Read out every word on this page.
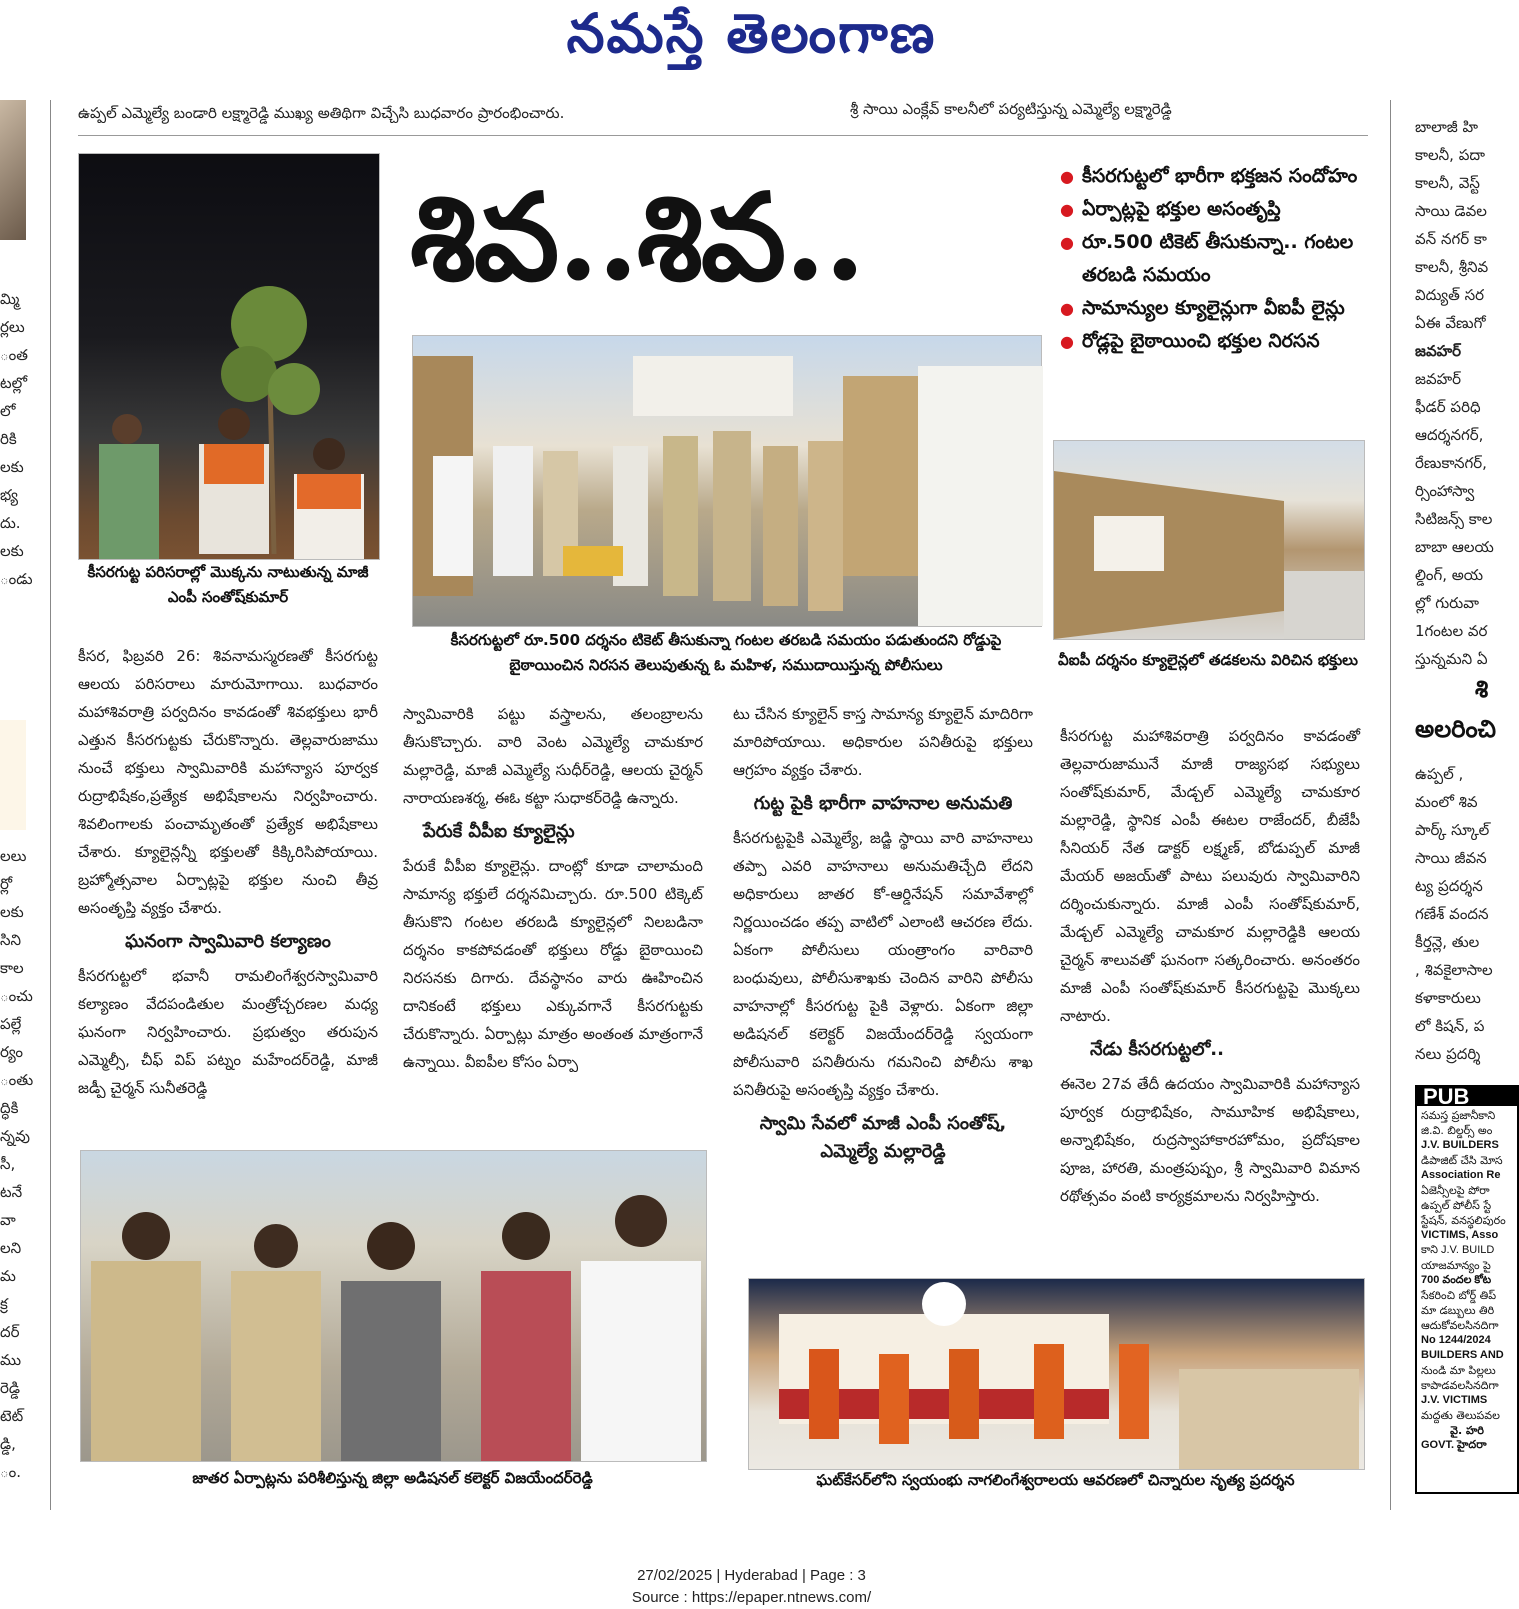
నమస్తే తెలంగాణ
మ్మి
ర్లలు
ంత
టల్లో
లో
రికి
లకు
భ్య
దు.
లకు
ండు
లలు
ర్లో
లకు
సిని
కాల
ంచు
పల్లే
ర్యం
ంతు
ద్ధికి
న్నవు
సీ,
టనే
వా
లని
మ
క్ర
దర్
ము
రెడ్డి
టెట్
డ్డి,
ం.
ఉప్పల్ ఎమ్మెల్యే బండారి లక్ష్మారెడ్డి ముఖ్య అతిథిగా విచ్చేసి బుధవారం ప్రారంభించారు.	శ్రీ సాయి ఎంక్లేవ్ కాలనీలో పర్యటిస్తున్న ఎమ్మెల్యే లక్ష్మారెడ్డి
కీసరగుట్ట పరిసరాల్లో మొక్కను నాటుతున్న మాజీ ఎంపీ సంతోష్‌కుమార్
శివ..శివ..
●	కీసరగుట్టలో భారీగా భక్తజన సందోహం
● ఏర్పాట్లపై భక్తుల అసంతృప్తి
● రూ.500 టికెట్ తీసుకున్నా.. గంటల తరబడి సమయం
● సామాన్యుల క్యూలైన్లుగా వీఐపీ లైన్లు
● రోడ్లపై బైఠాయించి భక్తుల నిరసన
కీసరగుట్టలో రూ.500 దర్శనం టికెట్ తీసుకున్నా గంటల తరబడి సమయం పడుతుందని రోడ్డుపై బైఠాయించిన నిరసన తెలుపుతున్న ఓ మహిళ, సముదాయిస్తున్న పోలీసులు	వీఐపీ దర్శనం క్యూలైన్లలో తడకలను విరిచిన భక్తులు

కీసర, ఫిబ్రవరి 26: శివనామస్మరణతో కీసరగుట్ట ఆలయ పరిసరాలు మారుమోగాయి. బుధవారం మహాశివరాత్రి పర్వదినం కావడంతో శివభక్తులు భారీ ఎత్తున కీసరగుట్టకు చేరుకొన్నారు. తెల్లవారుజాము నుంచే భక్తులు స్వామివారికి మహాన్యాస పూర్వక రుద్రాభిషేకం,ప్రత్యేక అభిషేకాలను నిర్వహించారు. శివలింగాలకు పంచామృతంతో ప్రత్యేక అభిషేకాలు చేశారు. క్యూలైన్లన్నీ భక్తులతో కిక్కిరిసిపోయాయి. బ్రహ్మోత్సవాల ఏర్పాట్లపై భక్తుల నుంచి తీవ్ర అసంతృప్తి వ్యక్తం చేశారు.

ఘనంగా స్వామివారి కల్యాణం

కీసరగుట్టలో భవానీ రామలింగేశ్వరస్వామివారి కల్యాణం వేదపండితుల మంత్రోచ్చరణల మధ్య ఘనంగా నిర్వహించారు. ప్రభుత్వం తరుపున ఎమ్మెల్సీ, చీఫ్ విప్ పట్నం మహేందర్‌రెడ్డి, మాజీ జడ్పీ చైర్మన్ సునీతరెడ్డి

స్వామివారికి పట్టు వస్త్రాలను, తలంబ్రాలను తీసుకొచ్చారు. వారి వెంట ఎమ్మెల్యే చామకూర మల్లారెడ్డి, మాజీ ఎమ్మెల్యే సుధీర్‌రెడ్డి, ఆలయ చైర్మన్ నారాయణశర్మ, ఈఓ కట్టా సుధాకర్‌రెడ్డి ఉన్నారు.

పేరుకే వీపీఐ క్యూలైన్లు

పేరుకే వీపీఐ క్యూలైన్లు. దాంట్లో కూడా చాలామంది సామాన్య భక్తులే దర్శనమిచ్చారు. రూ.500 టిక్కెట్ తీసుకొని గంటల తరబడి క్యూలైన్లలో నిలబడినా దర్శనం కాకపోవడంతో భక్తులు రోడ్డు బైఠాయించి నిరసనకు దిగారు. దేవస్థానం వారు ఊహించిన దానికంటే భక్తులు ఎక్కువగానే కీసరగుట్టకు చేరుకొన్నారు. ఏర్పాట్లు మాత్రం అంతంత మాత్రంగానే ఉన్నాయి. వీఐపీల కోసం ఏర్పా

టు చేసిన క్యూలైన్ కాస్త సామాన్య క్యూలైన్ మాదిరిగా మారిపోయాయి. అధికారుల పనితీరుపై భక్తులు ఆగ్రహం వ్యక్తం చేశారు.

గుట్ట పైకి భారీగా వాహనాల అనుమతి

కీసరగుట్టపైకి ఎమ్మెల్యే, జడ్జి స్థాయి వారి వాహనాలు తప్పా ఎవరి వాహనాలు అనుమతిచ్చేది లేదని అధికారులు జాతర కో-ఆర్డినేషన్ సమావేశాల్లో నిర్ణయించడం తప్ప వాటిలో ఎలాంటి ఆచరణ లేదు. ఏకంగా పోలీసులు యంత్రాంగం వారివారి బంధువులు, పోలీసుశాఖకు చెందిన వారిని పోలీసు వాహనాల్లో కీసరగుట్ట పైకి వెళ్లారు. ఏకంగా జిల్లా అడిషనల్ కలెక్టర్ విజయేందర్‌రెడ్డి స్వయంగా పోలీసువారి పనితీరును గమనించి పోలీసు శాఖ పనితీరుపై అసంతృప్తి వ్యక్తం చేశారు.

స్వామి సేవలో మాజీ ఎంపీ సంతోష్, ఎమ్మెల్యే మల్లారెడ్డి

కీసరగుట్ట మహాశివరాత్రి పర్వదినం కావడంతో తెల్లవారుజామునే మాజీ రాజ్యసభ సభ్యులు సంతోష్‌కుమార్, మేడ్చల్ ఎమ్మెల్యే చామకూర మల్లారెడ్డి, స్థానిక ఎంపీ ఈటల రాజేందర్, బీజేపీ సీనియర్ నేత డాక్టర్ లక్ష్మణ్, బోడుప్పల్ మాజీ మేయర్ అజయ్‌తో పాటు పలువురు స్వామివారిని దర్శించుకున్నారు. మాజీ ఎంపీ సంతోష్‌కుమార్, మేడ్చల్ ఎమ్మెల్యే చామకూర మల్లారెడ్డికి ఆలయ చైర్మన్ శాలువతో ఘనంగా సత్కరించారు. అనంతరం మాజీ ఎంపీ సంతోష్‌కుమార్ కీసరగుట్టపై మొక్కలు నాటారు.

నేడు కీసరగుట్టలో..

ఈనెల 27వ తేదీ ఉదయం స్వామివారికి మహాన్యాస పూర్వక రుద్రాభిషేకం, సామూహిక అభిషేకాలు, అన్నాభిషేకం, రుద్రస్వాహాకారహోమం, ప్రదోషకాల పూజ, హారతి, మంత్రపుష్పం, శ్రీ స్వామివారి విమాన రథోత్సవం వంటి కార్యక్రమాలను నిర్వహిస్తారు.

జాతర ఏర్పాట్లను పరిశీలిస్తున్న జిల్లా అడిషనల్ కలెక్టర్ విజయేందర్‌రెడ్డి	ఘట్‌కేసర్‌లోని స్వయంభు నాగలింగేశ్వరాలయ ఆవరణలో చిన్నారుల నృత్య ప్రదర్శన
బాలాజీ హి
కాలనీ, పదా
కాలనీ, వెస్ట్
సాయి డెవల
వన్ నగర్ కా
కాలనీ, శ్రీనివ
విద్యుత్ సర
ఏఈ వేణుగో
జవహర్
జవహర్
ఫీడర్ పరిధి
ఆదర్శనగర్,
రేణుకానగర్,
ర్సింహాస్వా
సిటిజన్స్ కాల
బాబా ఆలయ
ల్డింగ్, అయ
ల్లో గురువా
1గంటల వర
స్తున్నమని ఏ
శి
అలరించి
ఉప్పల్ ,
మంలో శివ
పార్క్ స్కూల్
సాయి జీవన
ట్య ప్రదర్శన
గణేశ్ వందన
కీర్తన్లె, తుల
, శివకైలాసాల
కళాకారులు
లో కిషన్, ప
నలు ప్రదర్శి
PUB
సమస్త ప్రజానీకాని
జి.వి. బిల్డర్స్ అం
J.V. BUILDERS
డిపాజిట్ చేసి మోస
Association Re
ఏజెన్సీలపై పోరా
ఉప్పల్ పోలీస్ స్టే
స్టేషన్, వనస్థలిపురం
VICTIMS, Asso
కాని J.V. BUILD
యాజమాన్యం పై
700 వందల కోట
సేకరించి బోర్డ్ తిప్
మా డబ్బులు తిరి
ఆదుకోవలసినదిగా
No 1244/2024
BUILDERS AND
నుండి మా పిల్లలు
కాపాడవలసినదిగా
J.V. VICTIMS
మద్దతు తెలుపవల
వై. హరి
GOVT. హైదరా
27/02/2025 | Hyderabad | Page : 3
Source : https://epaper.ntnews.com/
